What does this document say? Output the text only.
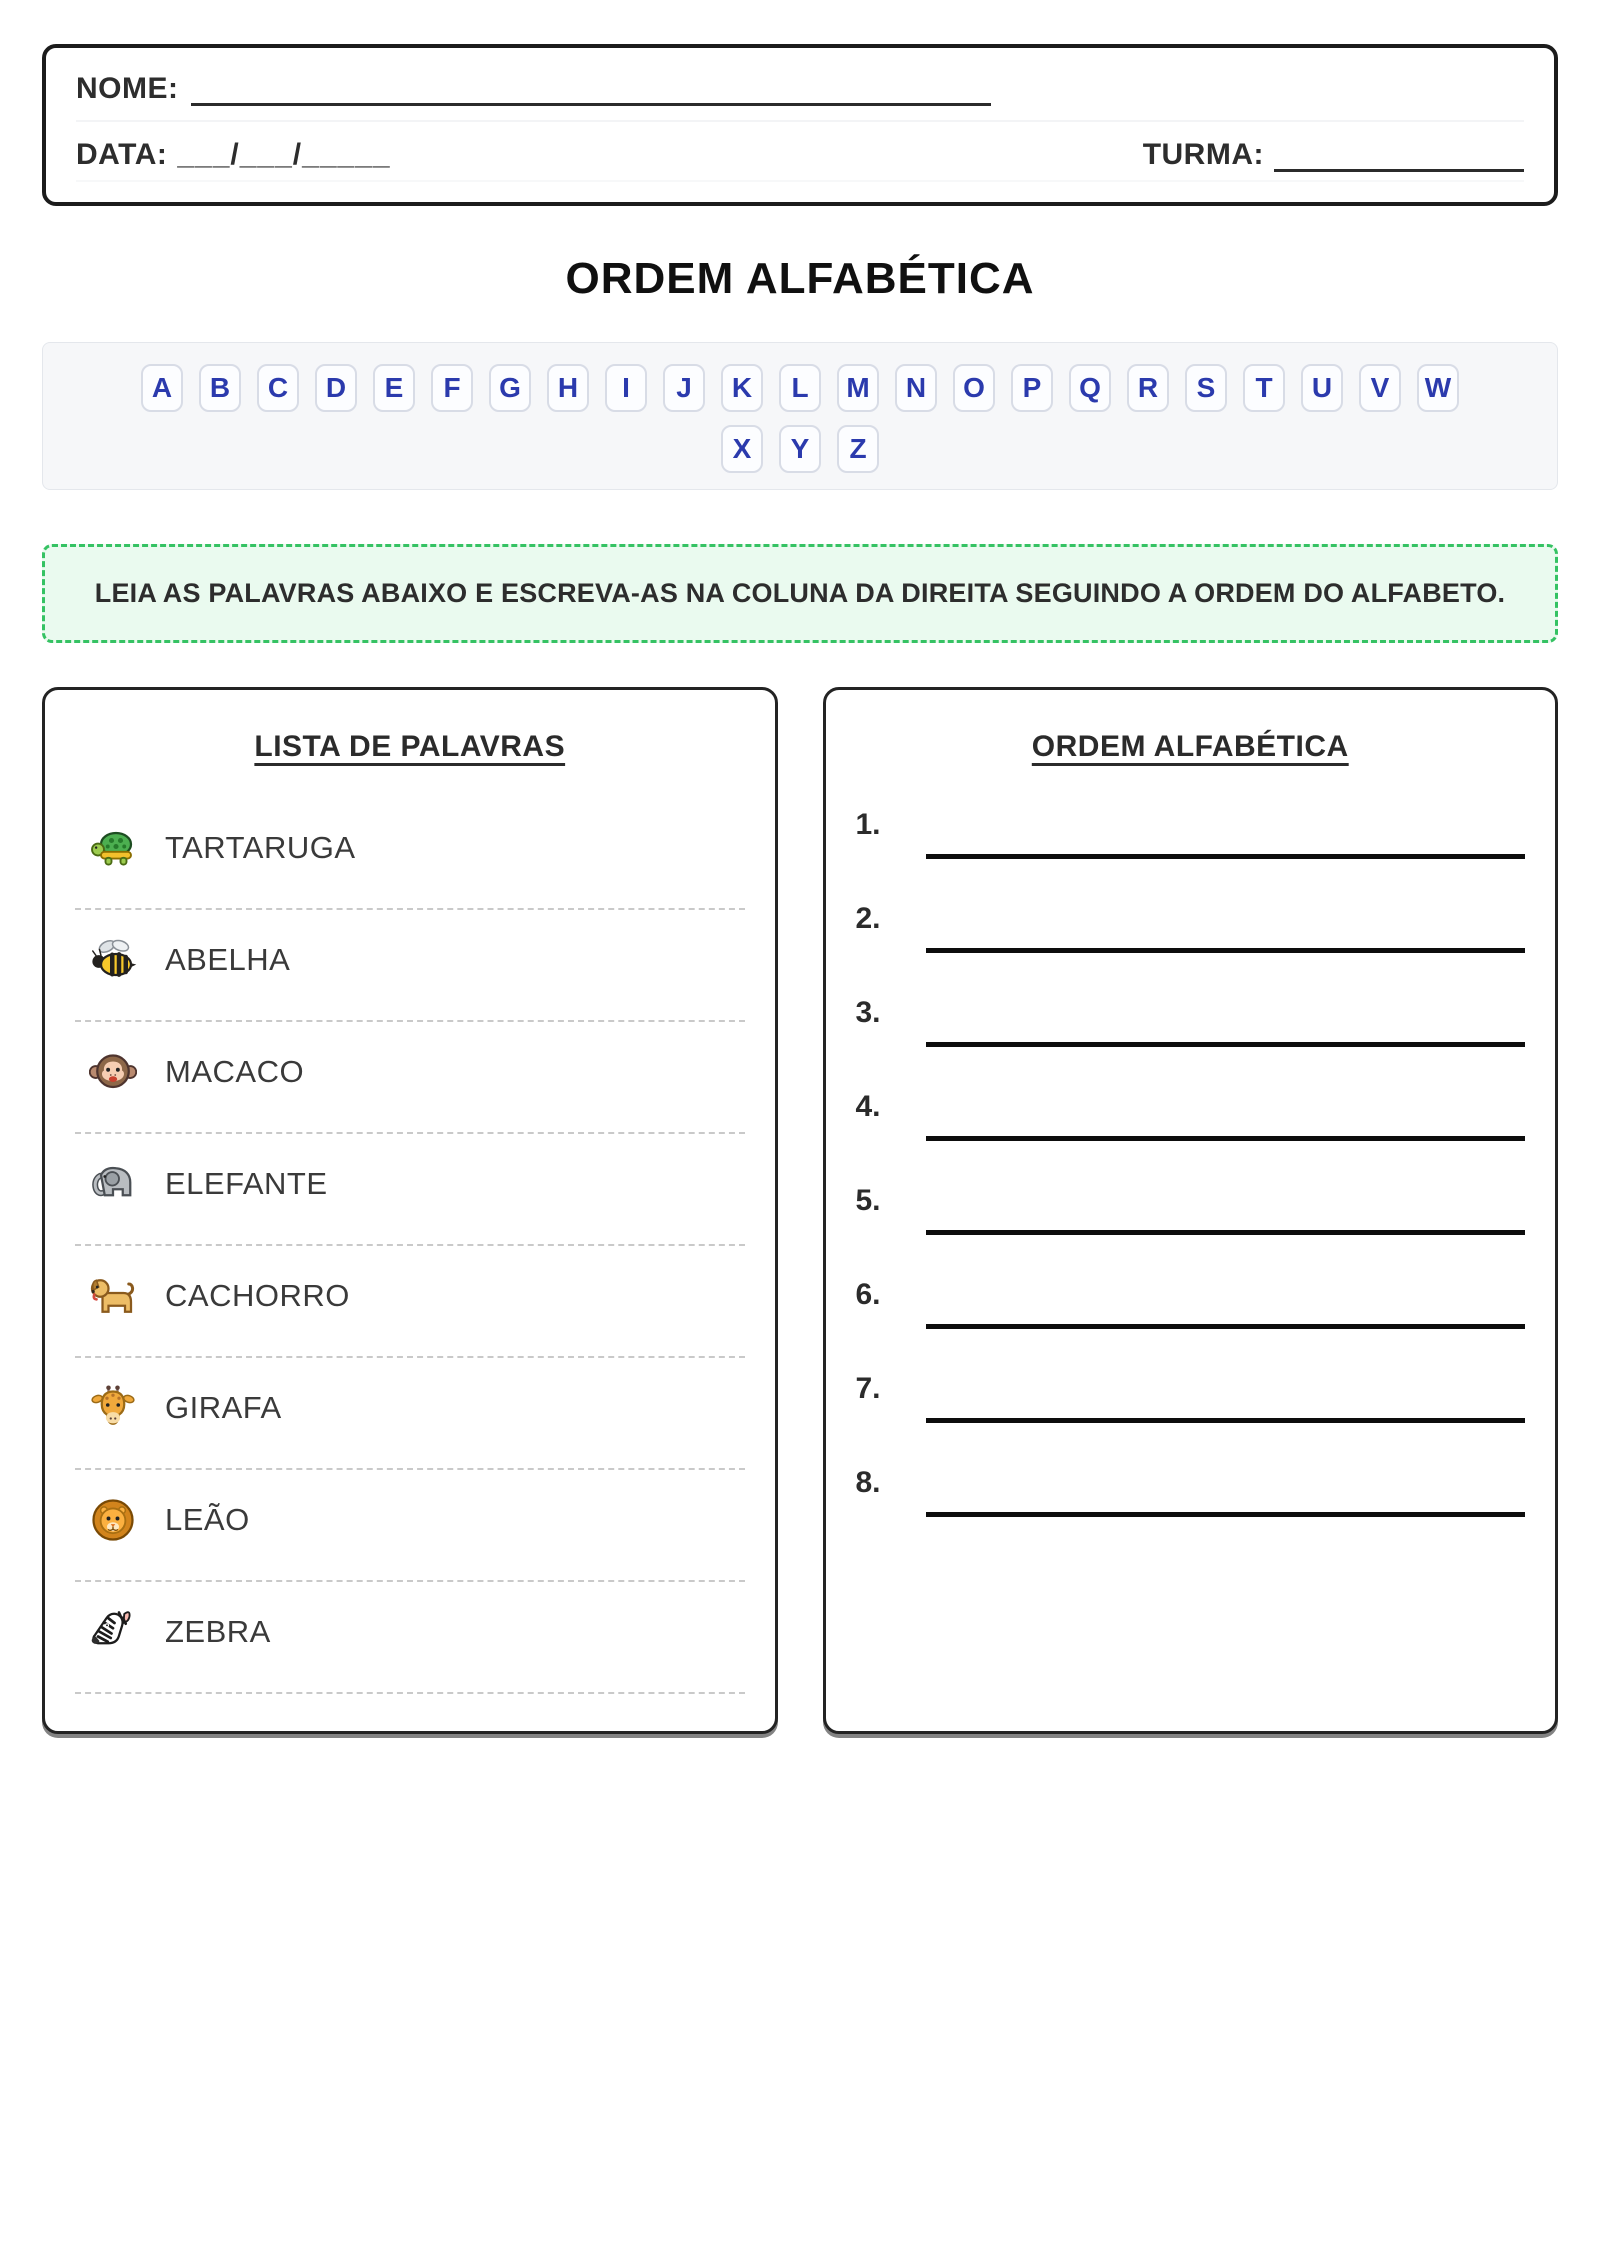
NOME:
DATA: ___/___/_____	TURMA:
ORDEM ALFABÉTICA
A	B	C	D	E	F	G	H	I	J	K	L	M	N	O	P	Q	R	S	T	U	V	W
X	Y	Z
LEIA AS PALAVRAS ABAIXO E ESCREVA-AS NA COLUNA DA DIREITA SEGUINDO A ORDEM DO ALFABETO.
LISTA DE PALAVRAS
TARTARUGA
ABELHA
MACACO
ELEFANTE
CACHORRO
GIRAFA
LEÃO
ZEBRA
ORDEM ALFABÉTICA
1.
2.
3.
4.
5.
6.
7.
8.
